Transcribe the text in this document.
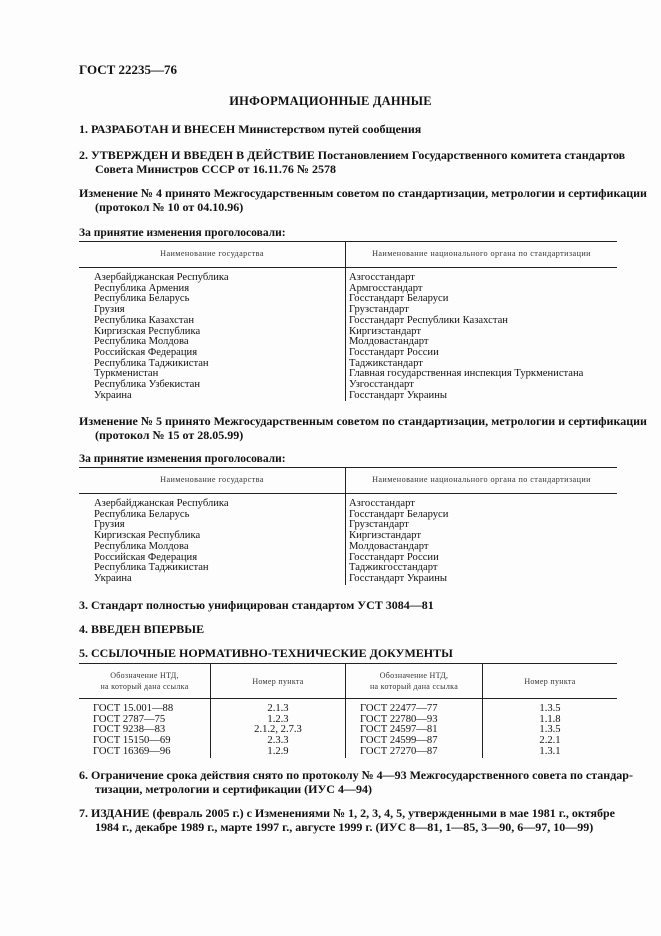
ГОСТ 22235—76
ИНФОРМАЦИОННЫЕ ДАННЫЕ
1. РАЗРАБОТАН И ВНЕСЕН Министерством путей сообщения
2. УТВЕРЖДЕН И ВВЕДЕН В ДЕЙСТВИЕ Постановлением Государственного комитета стандартов
Совета Министров СССР от 16.11.76 № 2578
Изменение № 4 принято Межгосударственным советом по стандартизации, метрологии и сертификации
(протокол № 10 от 04.10.96)
За принятие изменения проголосовали:
Наименование государства	Наименование национального органа по стандартизации
Азербайджанская Республика	Азгосстандарт
Республика Армения	Армгосстандарт
Республика Беларусь	Госстандарт Беларуси
Грузия	Грузстандарт
Республика Казахстан	Госстандарт Республики Казахстан
Киргизская Республика	Киргизстандарт
Республика Молдова	Молдовастандарт
Российская Федерация	Госстандарт России
Республика Таджикистан	Таджикстандарт
Туркменистан	Главная государственная инспекция Туркменистана
Республика Узбекистан	Узгосстандарт
Украина	Госстандарт Украины
Изменение № 5 принято Межгосударственным советом по стандартизации, метрологии и сертификации
(протокол № 15 от 28.05.99)
За принятие изменения проголосовали:
Наименование государства	Наименование национального органа по стандартизации
Азербайджанская Республика	Азгосстандарт
Республика Беларусь	Госстандарт Беларуси
Грузия	Грузстандарт
Киргизская Республика	Киргизстандарт
Республика Молдова	Молдовастандарт
Российская Федерация	Госстандарт России
Республика Таджикистан	Таджикгосстандарт
Украина	Госстандарт Украины
3. Стандарт полностью унифицирован стандартом УСТ 3084—81
4. ВВЕДЕН ВПЕРВЫЕ
5. ССЫЛОЧНЫЕ НОРМАТИВНО-ТЕХНИЧЕСКИЕ ДОКУМЕНТЫ
Обозначение НТД,
на который дана ссылка	Номер пункта	Обозначение НТД,
на который дана ссылка	Номер пункта
ГОСТ 15.001—88	2.1.3	ГОСТ 22477—77	1.3.5
ГОСТ 2787—75	1.2.3	ГОСТ 22780—93	1.1.8
ГОСТ 9238—83	2.1.2, 2.7.3	ГОСТ 24597—81	1.3.5
ГОСТ 15150—69	2.3.3	ГОСТ 24599—87	2.2.1
ГОСТ 16369—96	1.2.9	ГОСТ 27270—87	1.3.1
6. Ограничение срока действия снято по протоколу № 4—93 Межгосударственного совета по стандар-
тизации, метрологии и сертификации (ИУС 4—94)
7. ИЗДАНИЕ (февраль 2005 г.) с Изменениями № 1, 2, 3, 4, 5, утвержденными в мае 1981 г., октябре
1984 г., декабре 1989 г., марте 1997 г., августе 1999 г. (ИУС 8—81, 1—85, 3—90, 6—97, 10—99)
